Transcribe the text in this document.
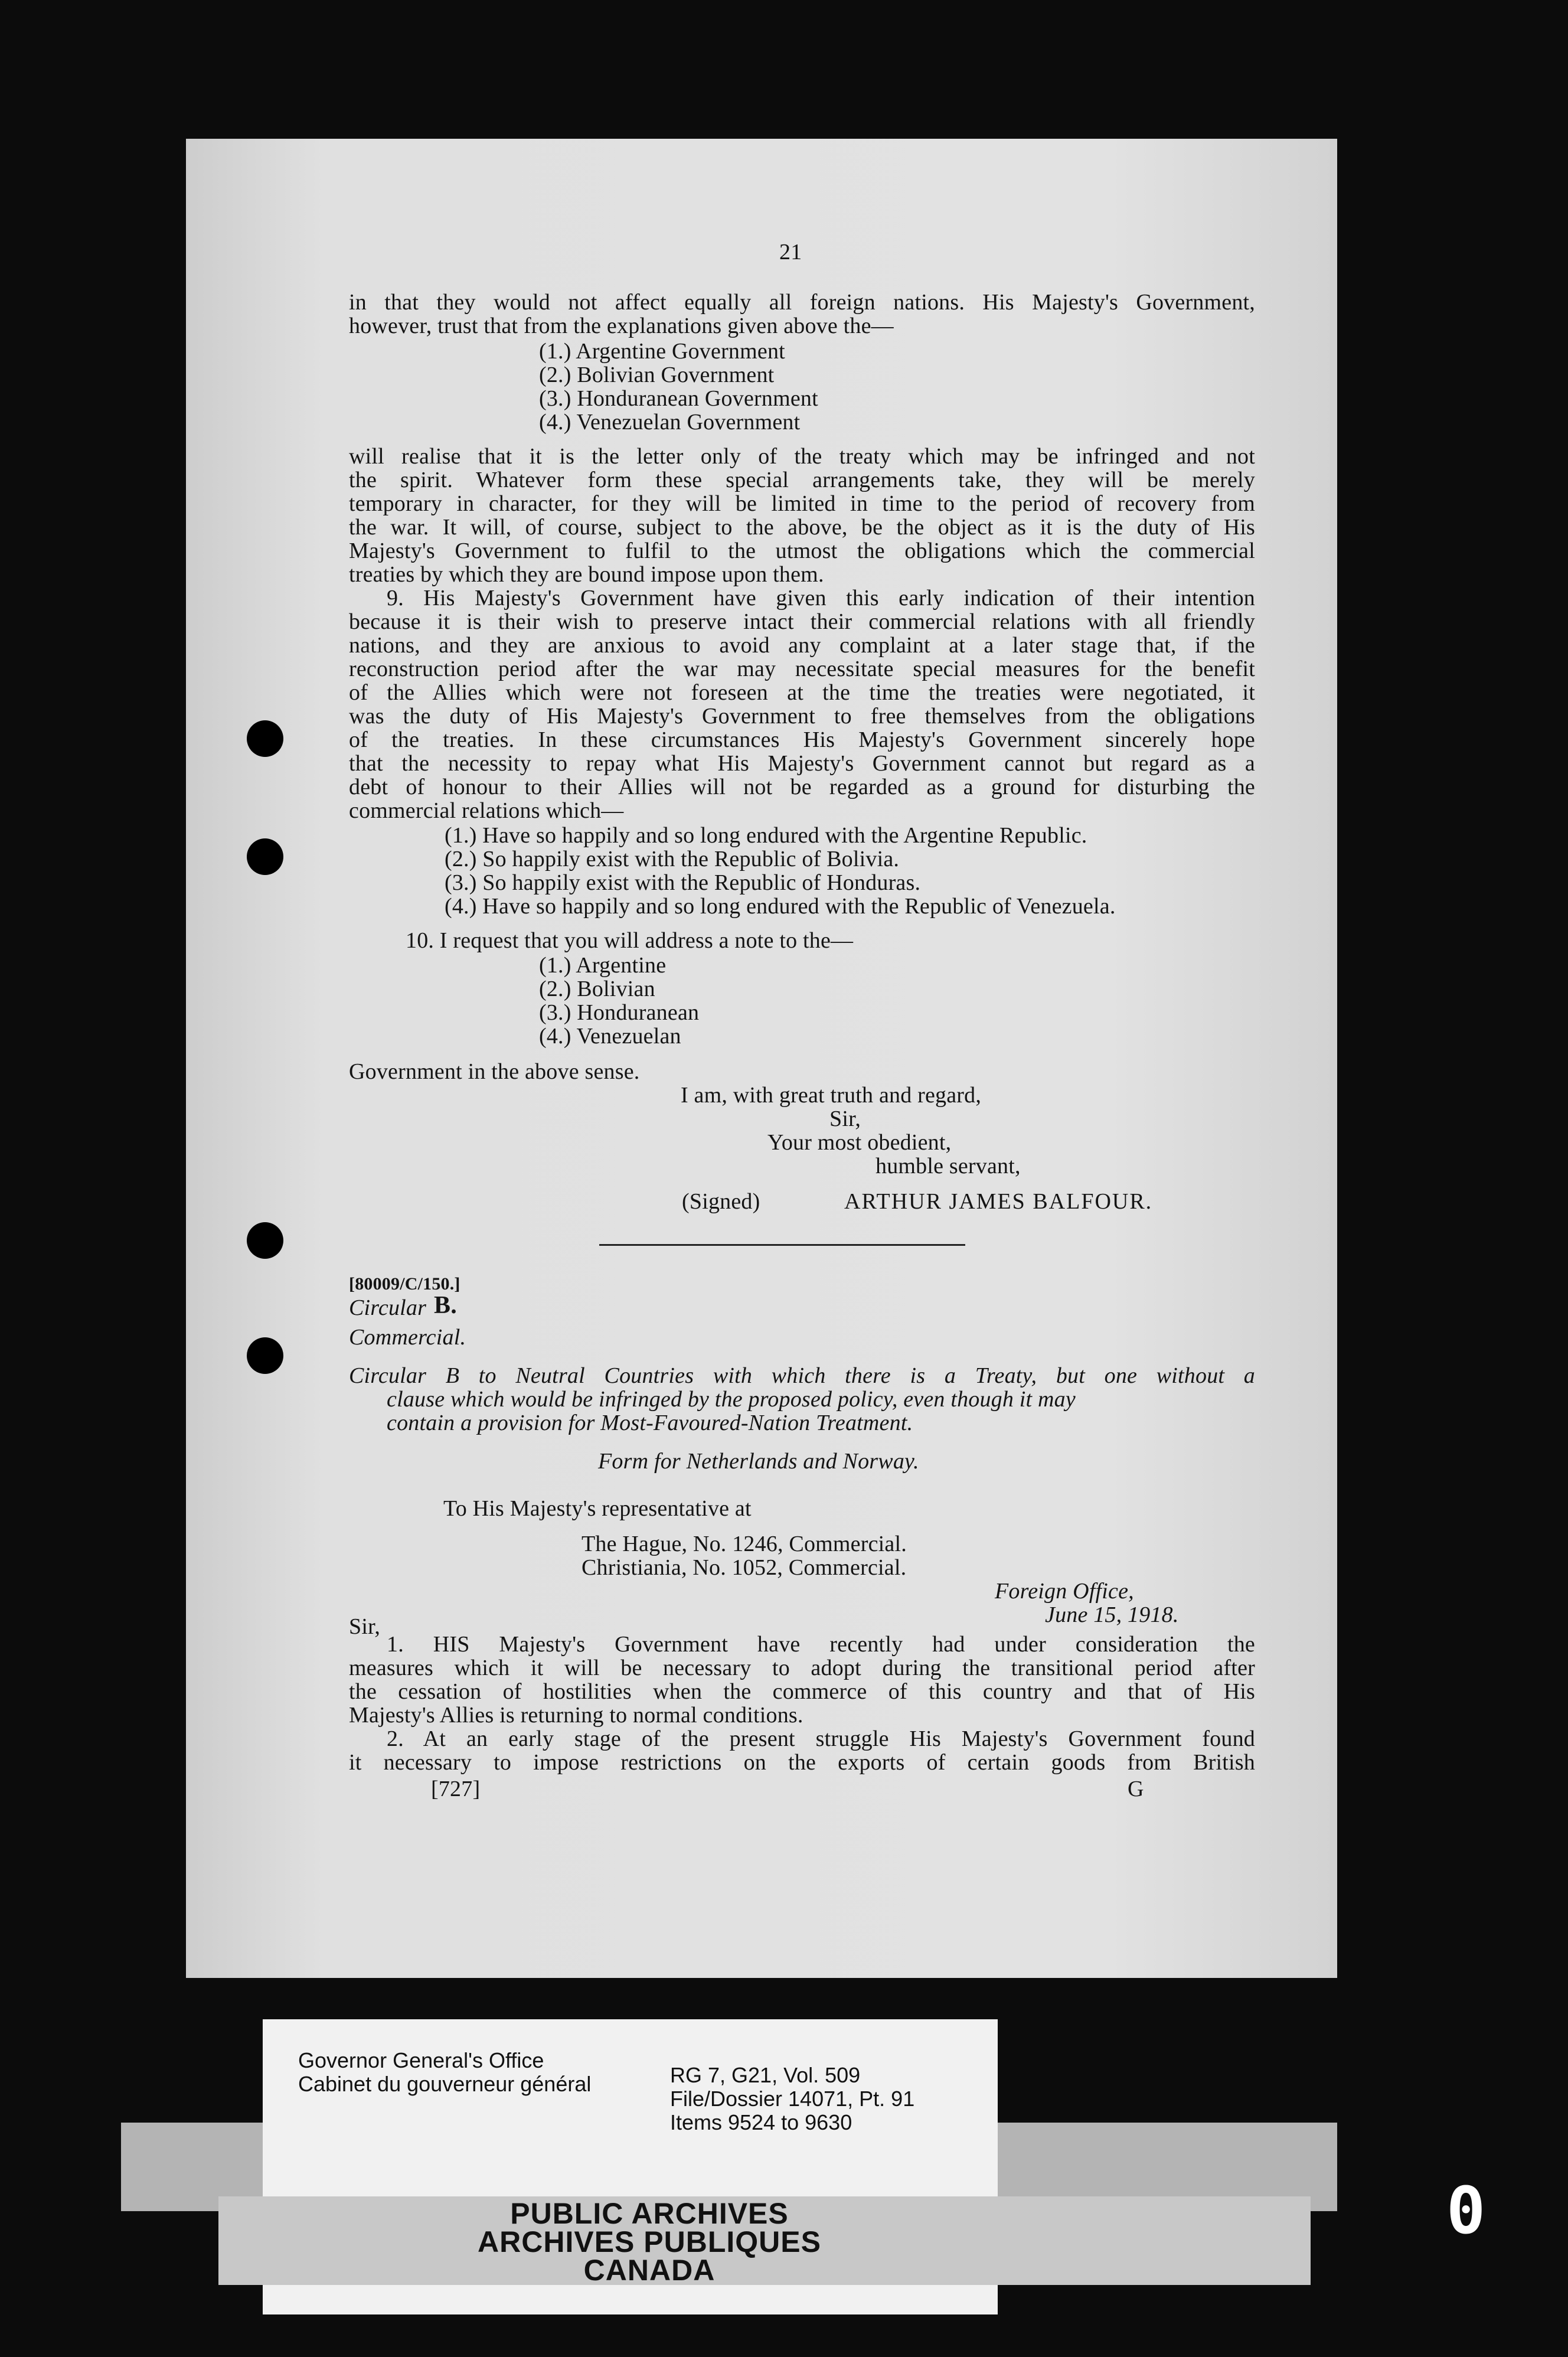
21
in that they would not affect equally all foreign nations. His Majesty's Government,
however, trust that from the explanations given above the—
(1.) Argentine Government
(2.) Bolivian Government
(3.) Honduranean Government
(4.) Venezuelan Government
will realise that it is the letter only of the treaty which may be infringed and not
the spirit. Whatever form these special arrangements take, they will be merely
temporary in character, for they will be limited in time to the period of recovery from
the war. It will, of course, subject to the above, be the object as it is the duty of His
Majesty's Government to fulfil to the utmost the obligations which the commercial
treaties by which they are bound impose upon them.
9. His Majesty's Government have given this early indication of their intention
because it is their wish to preserve intact their commercial relations with all friendly
nations, and they are anxious to avoid any complaint at a later stage that, if the
reconstruction period after the war may necessitate special measures for the benefit
of the Allies which were not foreseen at the time the treaties were negotiated, it
was the duty of His Majesty's Government to free themselves from the obligations
of the treaties. In these circumstances His Majesty's Government sincerely hope
that the necessity to repay what His Majesty's Government cannot but regard as a
debt of honour to their Allies will not be regarded as a ground for disturbing the
commercial relations which—
(1.) Have so happily and so long endured with the Argentine Republic.
(2.) So happily exist with the Republic of Bolivia.
(3.) So happily exist with the Republic of Honduras.
(4.) Have so happily and so long endured with the Republic of Venezuela.
10. I request that you will address a note to the—
(1.) Argentine
(2.) Bolivian
(3.) Honduranean
(4.) Venezuelan
Government in the above sense.
I am, with great truth and regard,
Sir,
Your most obedient,
humble servant,
(Signed)	ARTHUR JAMES BALFOUR.
[80009/C/150.]
Circular B.
Commercial.
Circular B to Neutral Countries with which there is a Treaty, but one without a
clause which would be infringed by the proposed policy, even though it may
contain a provision for Most-Favoured-Nation Treatment.
Form for Netherlands and Norway.
To His Majesty's representative at
The Hague, No. 1246, Commercial.
Christiania, No. 1052, Commercial.
Foreign Office,
June 15, 1918.
Sir,
1. HIS Majesty's Government have recently had under consideration the
measures which it will be necessary to adopt during the transitional period after
the cessation of hostilities when the commerce of this country and that of His
Majesty's Allies is returning to normal conditions.
2. At an early stage of the present struggle His Majesty's Government found
it necessary to impose restrictions on the exports of certain goods from British
[727]	G
Governor General's Office
Cabinet du gouverneur général	RG 7, G21, Vol. 509
File/Dossier 14071, Pt. 91
Items 9524 to 9630
PUBLIC ARCHIVES
ARCHIVES PUBLIQUES
CANADA
0
